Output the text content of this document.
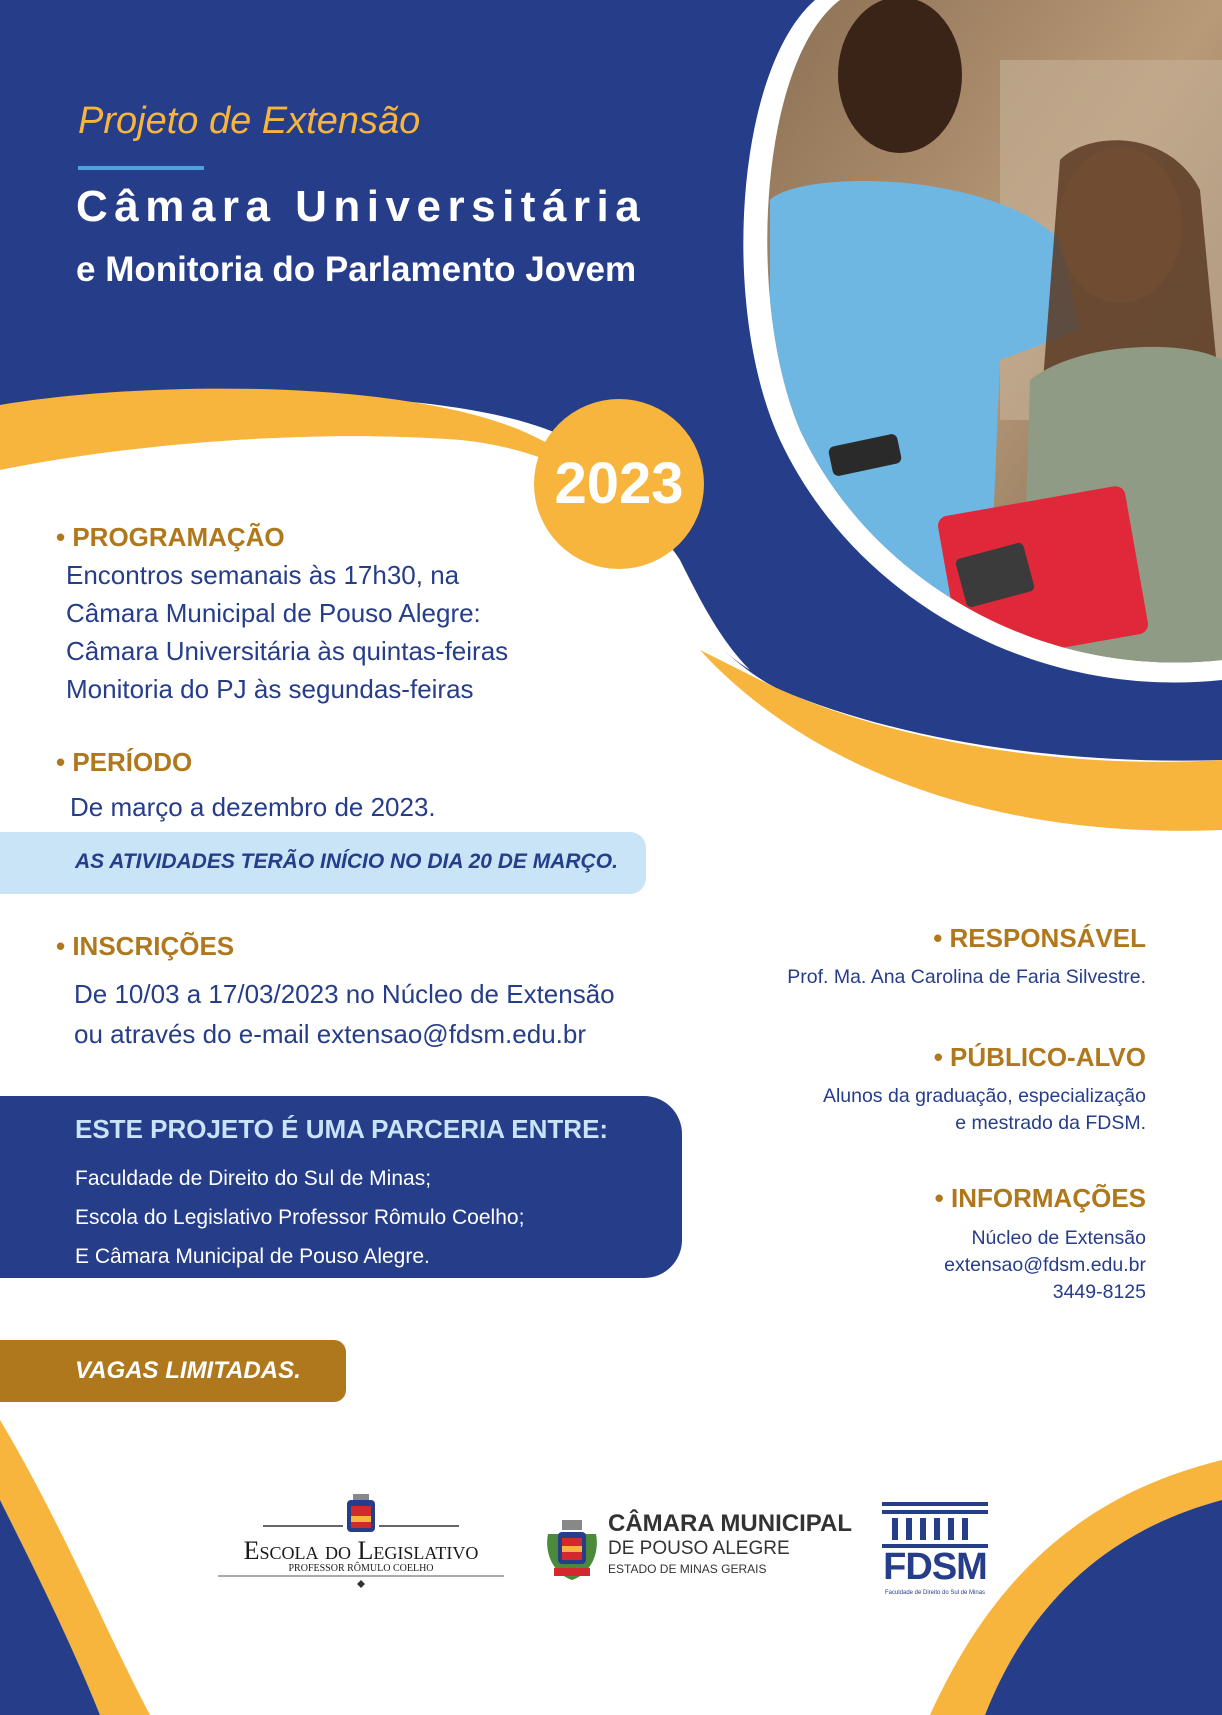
Projeto de Extensão
Câmara Universitária
e Monitoria do Parlamento Jovem
2023
• PROGRAMAÇÃO
Encontros semanais às 17h30, na
Câmara Municipal de Pouso Alegre:
Câmara Universitária às quintas-feiras
Monitoria do PJ às segundas-feiras
• PERÍODO
De março a dezembro de 2023.
AS ATIVIDADES TERÃO INÍCIO NO DIA 20 DE MARÇO.
• INSCRIÇÕES
De 10/03 a 17/03/2023 no Núcleo de Extensão
ou através do e-mail extensao@fdsm.edu.br
ESTE PROJETO É UMA PARCERIA ENTRE:
Faculdade de Direito do Sul de Minas;
Escola do Legislativo Professor Rômulo Coelho;
E Câmara Municipal de Pouso Alegre.
VAGAS LIMITADAS.
• RESPONSÁVEL
Prof. Ma. Ana Carolina de Faria Silvestre.
• PÚBLICO-ALVO
Alunos da graduação, especialização
e mestrado da FDSM.
• INFORMAÇÕES
Núcleo de Extensão
extensao@fdsm.edu.br
3449-8125
Escola do Legislativo
PROFESSOR RÔMULO COELHO
CÂMARA MUNICIPAL
DE POUSO ALEGRE
ESTADO DE MINAS GERAIS	FDSM
Faculdade de Direito do Sul de Minas
